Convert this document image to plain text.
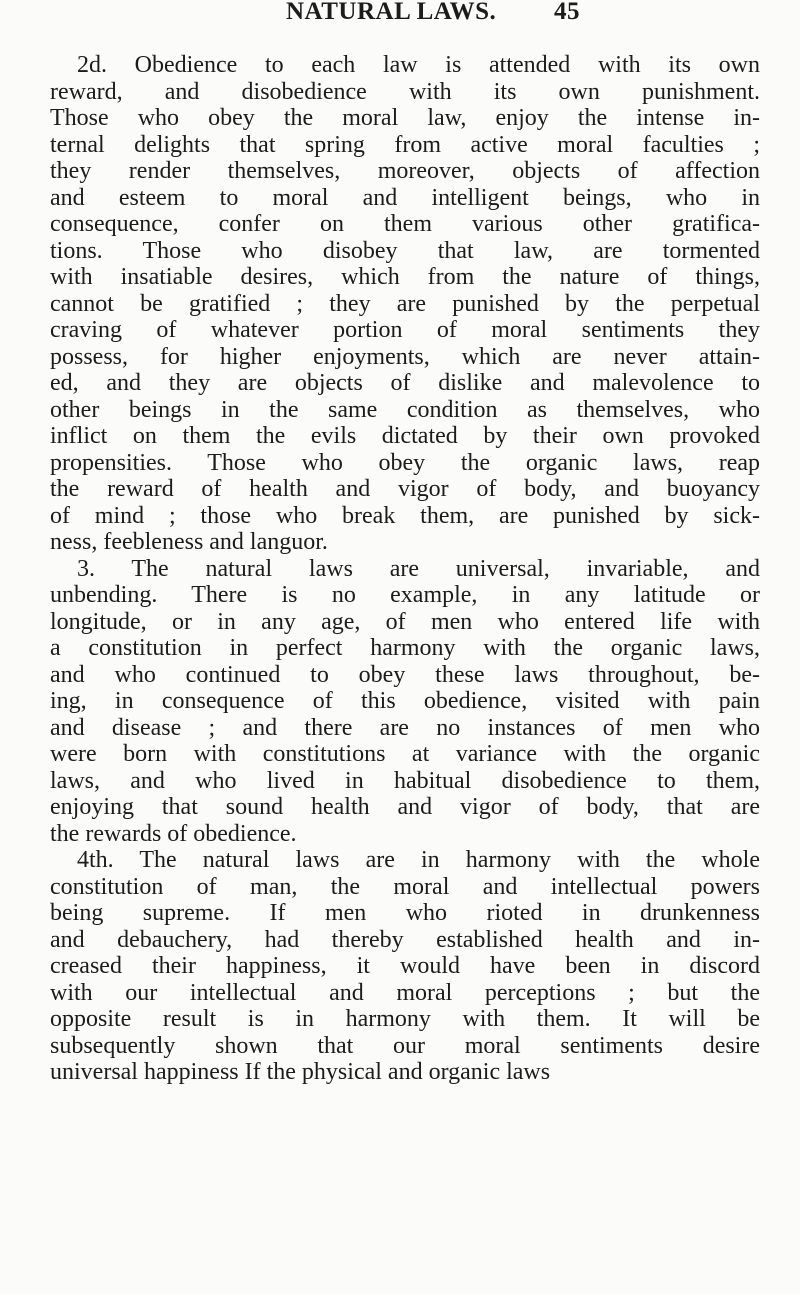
NATURAL LAWS. 45
2d. Obedience to each law is attended with its own
reward, and disobedience with its own punishment.
Those who obey the moral law, enjoy the intense in-
ternal delights that spring from active moral faculties ;
they render themselves, moreover, objects of affection
and esteem to moral and intelligent beings, who in
consequence, confer on them various other gratifica-
tions. Those who disobey that law, are tormented
with insatiable desires, which from the nature of things,
cannot be gratified ; they are punished by the perpetual
craving of whatever portion of moral sentiments they
possess, for higher enjoyments, which are never attain-
ed, and they are objects of dislike and malevolence to
other beings in the same condition as themselves, who
inflict on them the evils dictated by their own provoked
propensities. Those who obey the organic laws, reap
the reward of health and vigor of body, and buoyancy
of mind ; those who break them, are punished by sick-
ness, feebleness and languor.
3. The natural laws are universal, invariable, and
unbending. There is no example, in any latitude or
longitude, or in any age, of men who entered life with
a constitution in perfect harmony with the organic laws,
and who continued to obey these laws throughout, be-
ing, in consequence of this obedience, visited with pain
and disease ; and there are no instances of men who
were born with constitutions at variance with the organic
laws, and who lived in habitual disobedience to them,
enjoying that sound health and vigor of body, that are
the rewards of obedience.
4th. The natural laws are in harmony with the whole
constitution of man, the moral and intellectual powers
being supreme. If men who rioted in drunkenness
and debauchery, had thereby established health and in-
creased their happiness, it would have been in discord
with our intellectual and moral perceptions ; but the
opposite result is in harmony with them. It will be
subsequently shown that our moral sentiments desire
universal happiness If the physical and organic laws
